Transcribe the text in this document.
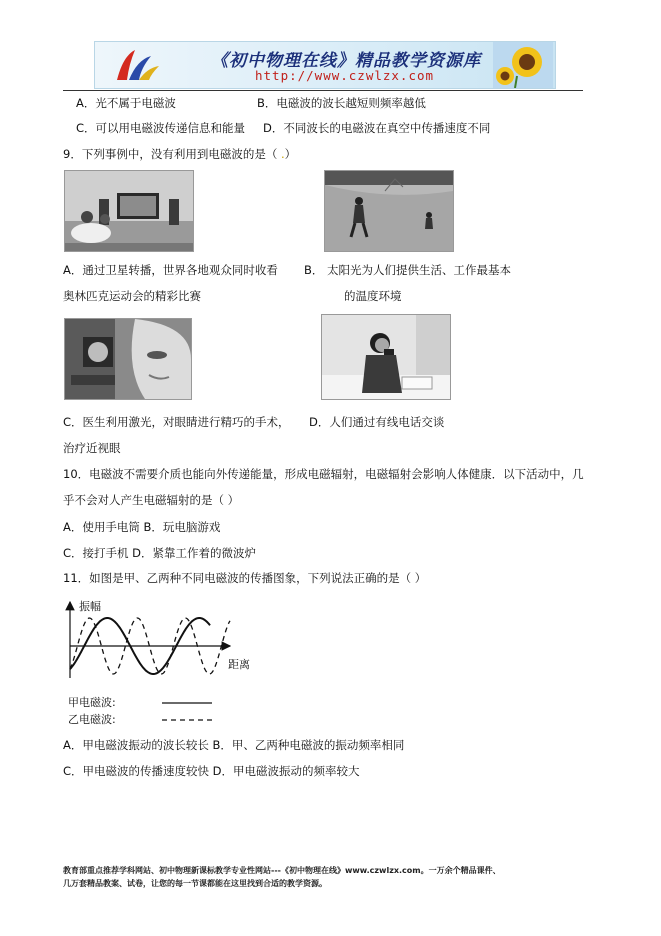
《初中物理在线》精品教学资源库
http://www.czwlzx.com
A．光不属于电磁波	B．电磁波的波长越短则频率越低
C．可以用电磁波传递信息和能量 D．不同波长的电磁波在真空中传播速度不同
9．下列事例中，没有利用到电磁波的是（ .）
A．通过卫星转播，世界各地观众同时收看 B． 太阳光为人们提供生活、工作最基本
奥林匹克运动会的精彩比赛	的温度环境
C．医生利用激光，对眼睛进行精巧的手术， D．人们通过有线电话交谈
治疗近视眼
10．电磁波不需要介质也能向外传递能量，形成电磁辐射，电磁辐射会影响人体健康．以下活动中，几
乎不会对人产生电磁辐射的是（ ）
A．使用手电筒 B．玩电脑游戏
C．接打手机 D．紧靠工作着的微波炉
11．如图是甲、乙两种不同电磁波的传播图象，下列说法正确的是（ ）
振幅
距离
甲电磁波:
乙电磁波:
A．甲电磁波振动的波长较长 B．甲、乙两种电磁波的振动频率相同
C．甲电磁波的传播速度较快 D．甲电磁波振动的频率较大
教育部重点推荐学科网站、初中物理新课标教学专业性网站---《初中物理在线》www.czwlzx.com。一万余个精品课件、
几万套精品教案、试卷，让您的每一节课都能在这里找到合适的教学资源。
